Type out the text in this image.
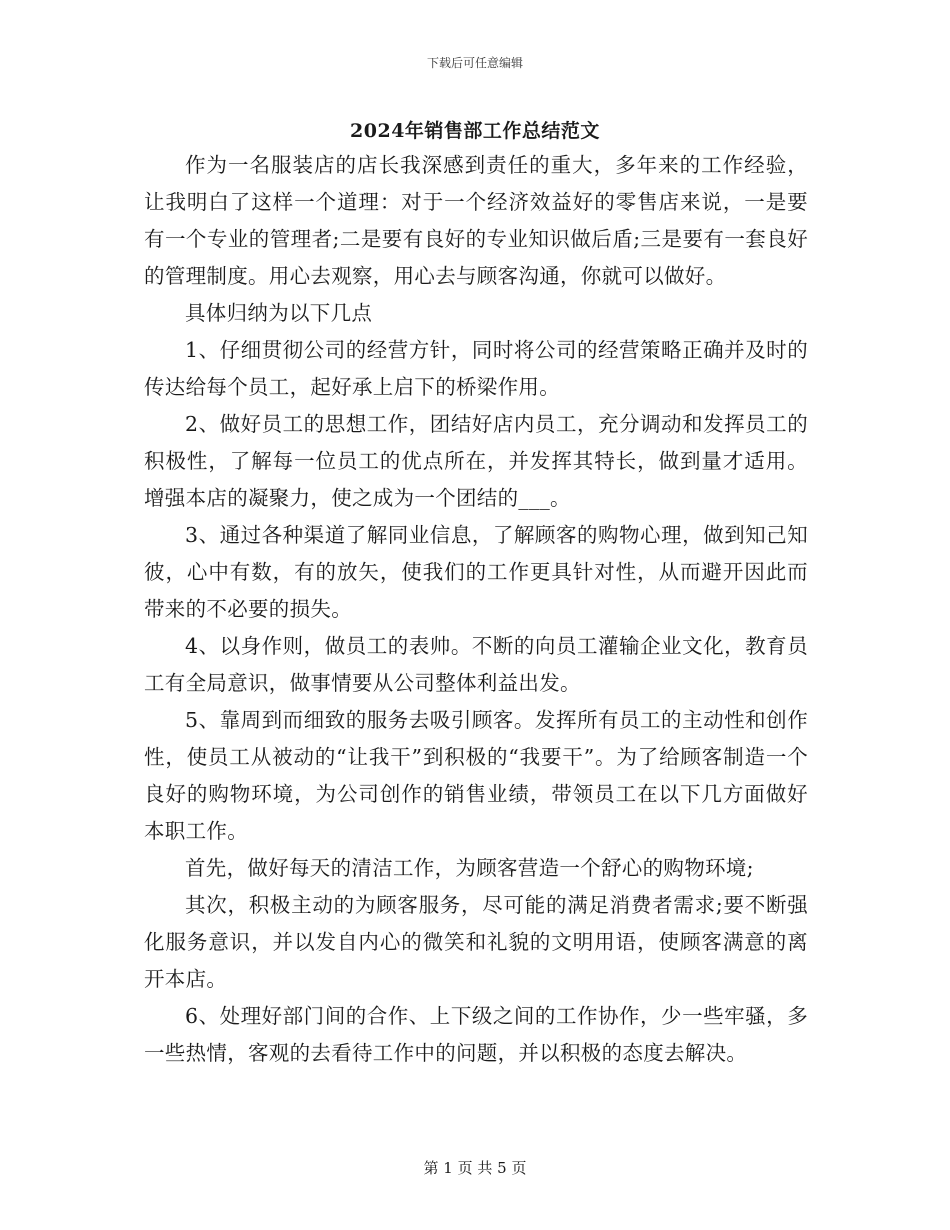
下载后可任意编辑
2024年销售部工作总结范文

作为一名服装店的店长我深感到责任的重大，多年来的工作经验，让我明白了这样一个道理：对于一个经济效益好的零售店来说，一是要有一个专业的管理者;二是要有良好的专业知识做后盾;三是要有一套良好的管理制度。用心去观察，用心去与顾客沟通，你就可以做好。

具体归纳为以下几点

1、仔细贯彻公司的经营方针，同时将公司的经营策略正确并及时的传达给每个员工，起好承上启下的桥梁作用。

2、做好员工的思想工作，团结好店内员工，充分调动和发挥员工的积极性，了解每一位员工的优点所在，并发挥其特长，做到量才适用。增强本店的凝聚力，使之成为一个团结的___。

3、通过各种渠道了解同业信息，了解顾客的购物心理，做到知己知彼，心中有数，有的放矢，使我们的工作更具针对性，从而避开因此而带来的不必要的损失。

4、以身作则，做员工的表帅。不断的向员工灌输企业文化，教育员工有全局意识，做事情要从公司整体利益出发。

5、靠周到而细致的服务去吸引顾客。发挥所有员工的主动性和创作性，使员工从被动的“让我干”到积极的“我要干”。为了给顾客制造一个良好的购物环境，为公司创作的销售业绩，带领员工在以下几方面做好本职工作。

首先，做好每天的清洁工作，为顾客营造一个舒心的购物环境;

其次，积极主动的为顾客服务，尽可能的满足消费者需求;要不断强化服务意识，并以发自内心的微笑和礼貌的文明用语，使顾客满意的离开本店。

6、处理好部门间的合作、上下级之间的工作协作，少一些牢骚，多一些热情，客观的去看待工作中的问题，并以积极的态度去解决。

第 1 页 共 5 页
